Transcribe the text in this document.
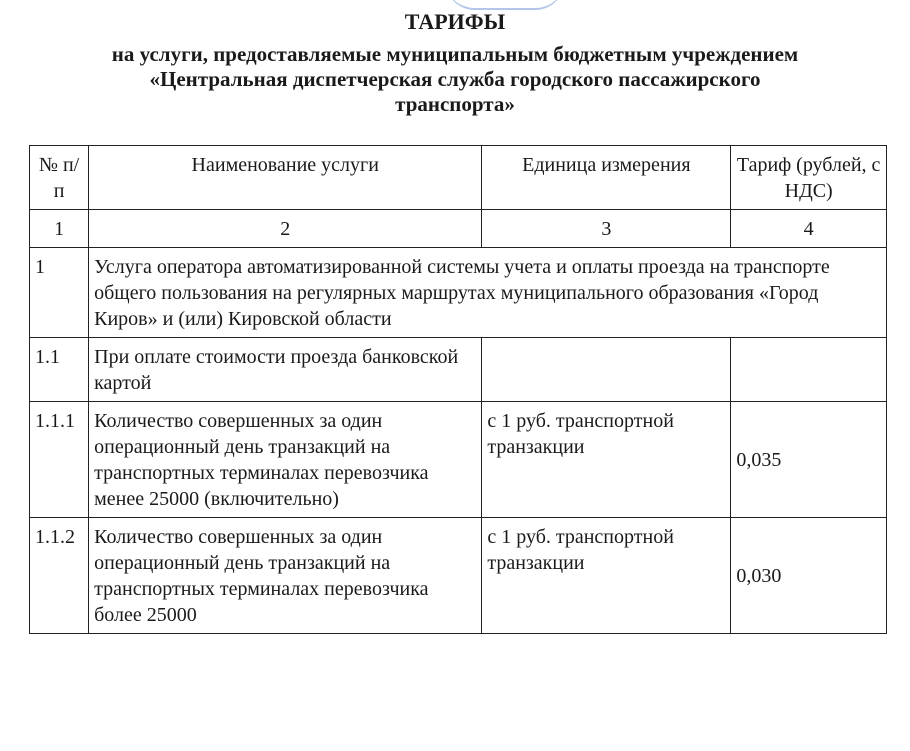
ТАРИФЫ

на услуги, предоставляемые муниципальным бюджетным учреждением

«Центральная диспетчерская служба городского пассажирского

транспорта»

№ п/п	Наименование услуги	Единица измерения	Тариф (рублей, с НДС)
1	2	3	4
1	Услуга оператора автоматизированной системы учета и оплаты проезда на транспорте общего пользования на регулярных маршрутах муниципального образования «Город Киров» и (или) Кировской области		
1.1	При оплате стоимости проезда банковской картой		
1.1.1	Количество совершенных за один операционный день транзакций на транспортных терминалах перевозчика менее 25000 (включительно)	с 1 руб. транспортной транзакции	0,035
1.1.2	Количество совершенных за один операционный день транзакций на транспортных терминалах перевозчика более 25000	с 1 руб. транспортной транзакции	0,030
